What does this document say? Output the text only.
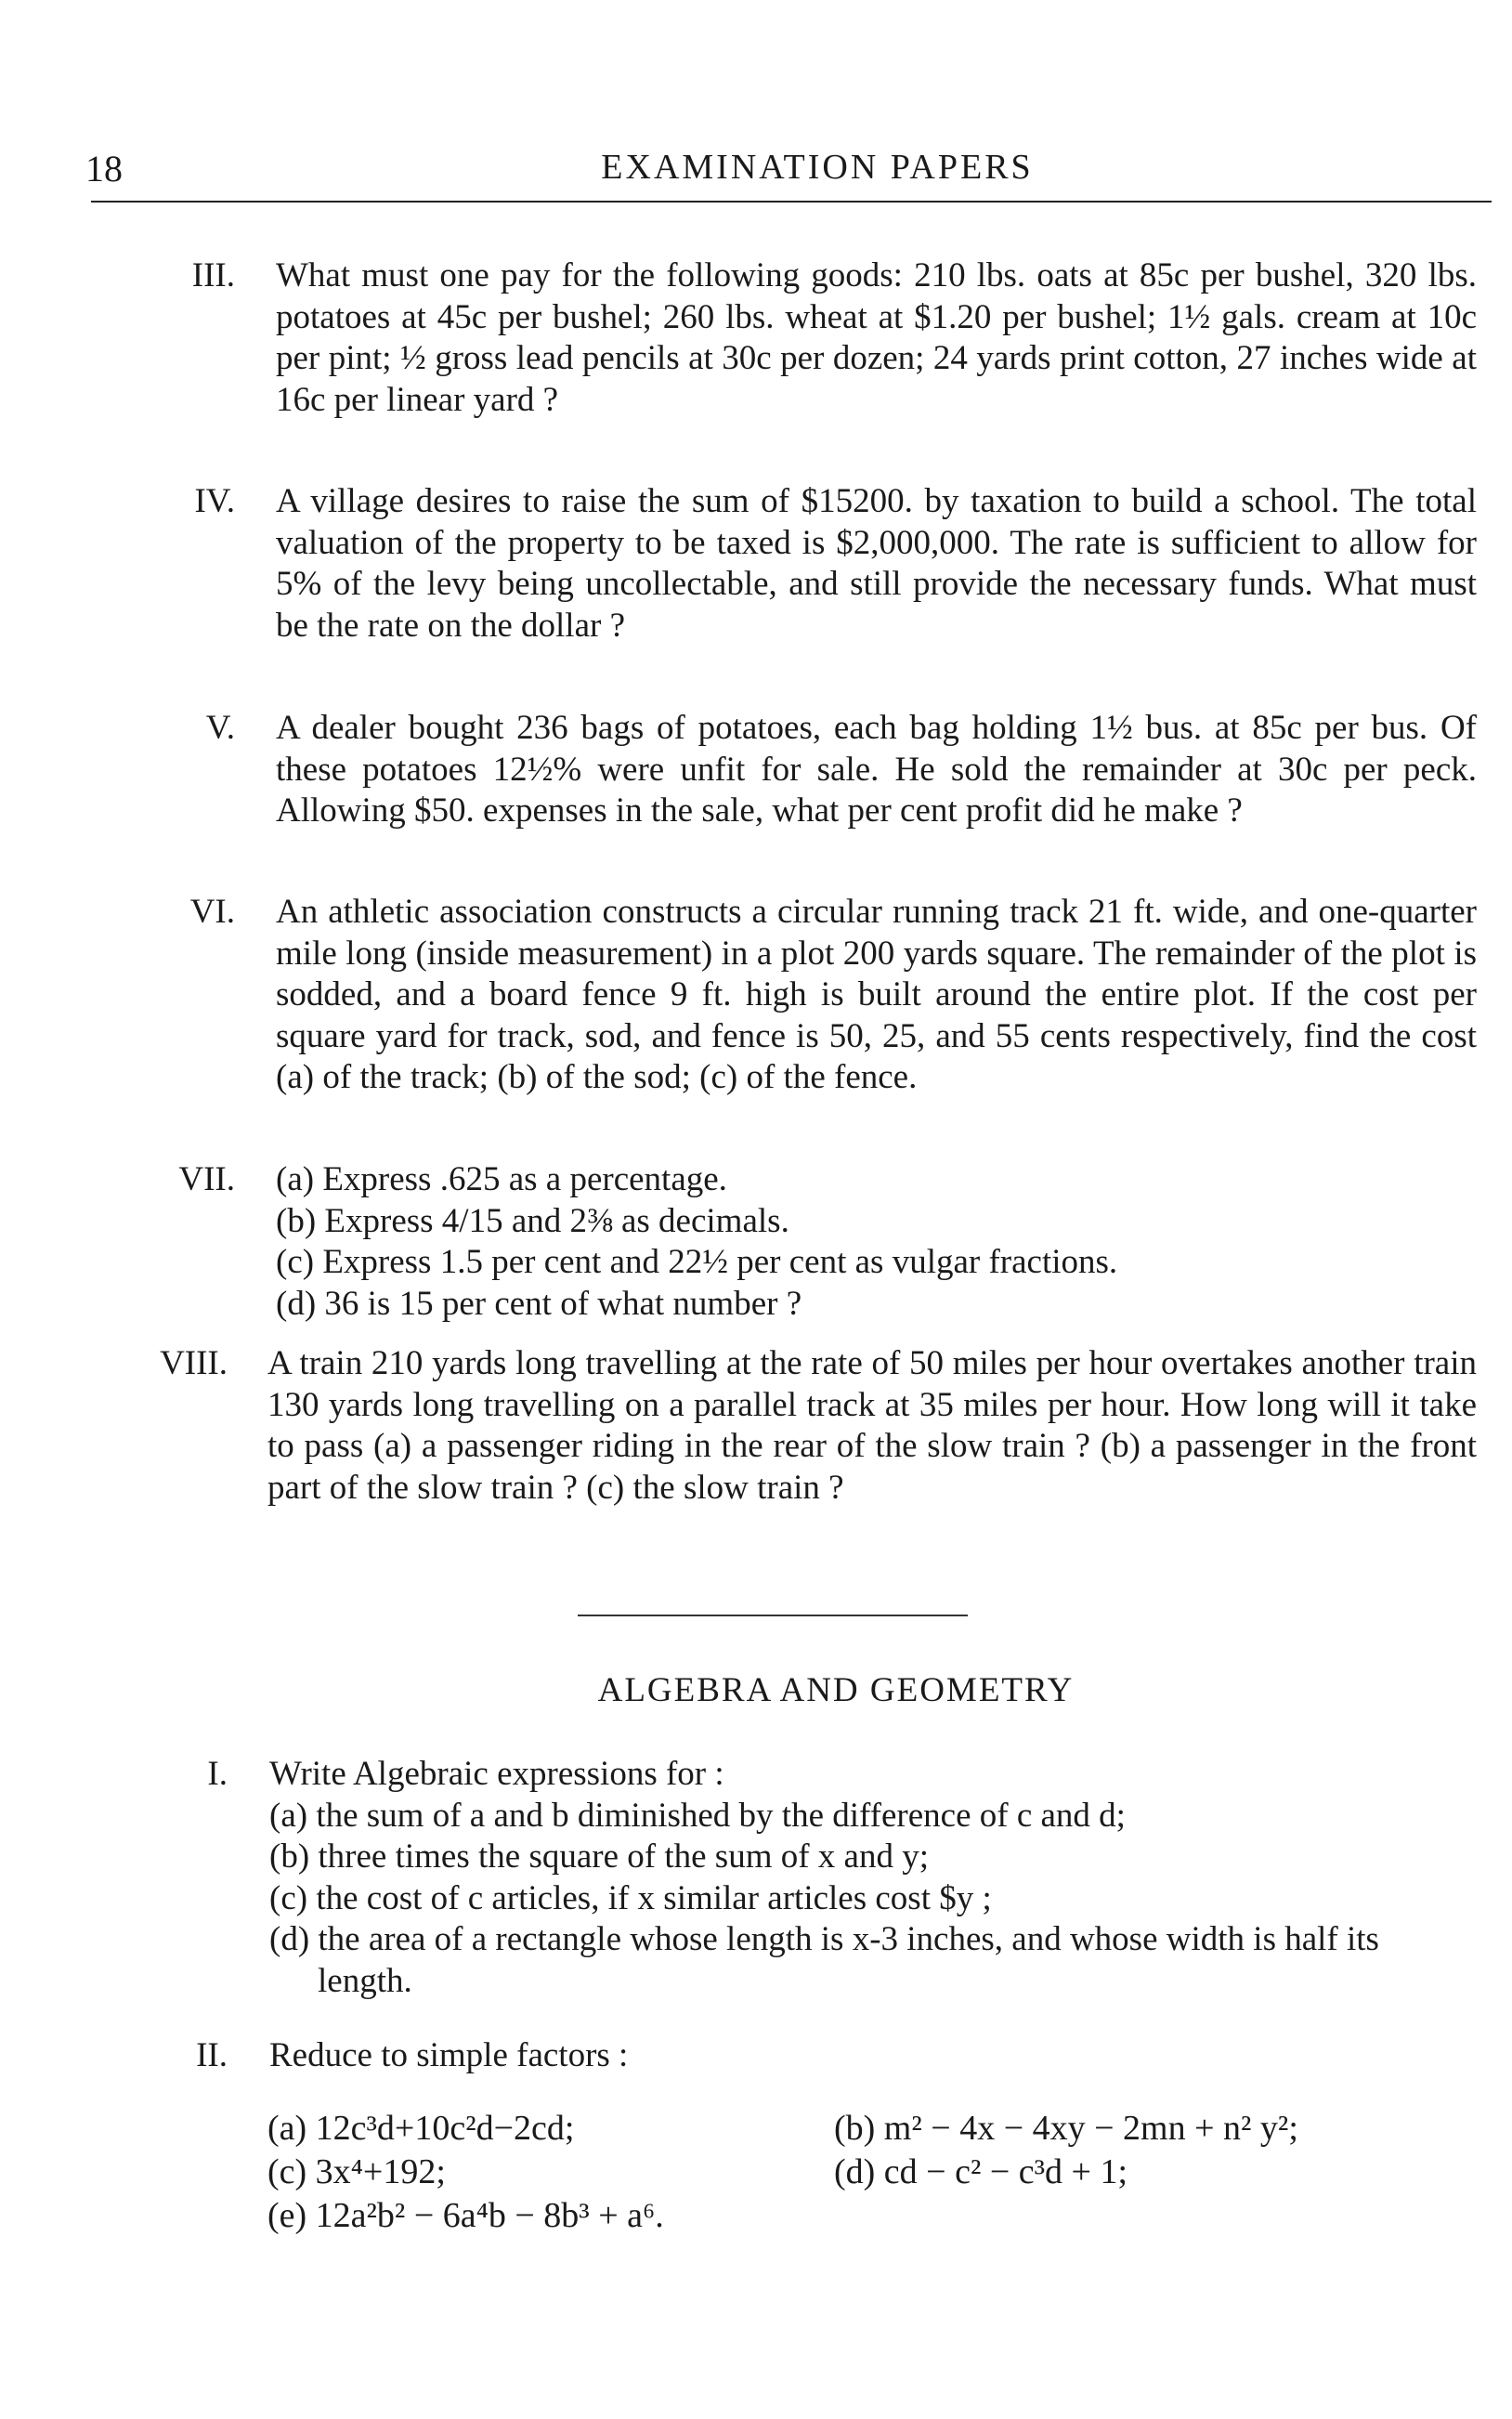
18	EXAMINATION PAPERS
III. What must one pay for the following goods: 210 lbs. oats at 85c per bushel, 320 lbs. potatoes at 45c per bushel; 260 lbs. wheat at $1.20 per bushel; 1½ gals. cream at 10c per pint; ½ gross lead pencils at 30c per dozen; 24 yards print cotton, 27 inches wide at 16c per linear yard ?
IV. A village desires to raise the sum of $15200. by taxation to build a school. The total valuation of the property to be taxed is $2,000,000. The rate is sufficient to allow for 5% of the levy being uncollectable, and still provide the necessary funds. What must be the rate on the dollar ?
V. A dealer bought 236 bags of potatoes, each bag holding 1½ bus. at 85c per bus. Of these potatoes 12½% were unfit for sale. He sold the remainder at 30c per peck. Allowing $50. expenses in the sale, what per cent profit did he make ?
VI. An athletic association constructs a circular running track 21 ft. wide, and one-quarter mile long (inside measurement) in a plot 200 yards square. The remainder of the plot is sodded, and a board fence 9 ft. high is built around the entire plot. If the cost per square yard for track, sod, and fence is 50, 25, and 55 cents respectively, find the cost (a) of the track; (b) of the sod; (c) of the fence.
VII. (a) Express .625 as a percentage.
(b) Express 4/15 and 2⅜ as decimals.
(c) Express 1.5 per cent and 22½ per cent as vulgar fractions.
(d) 36 is 15 per cent of what number ?
VIII. A train 210 yards long travelling at the rate of 50 miles per hour overtakes another train 130 yards long travelling on a parallel track at 35 miles per hour. How long will it take to pass (a) a passenger riding in the rear of the slow train ? (b) a passenger in the front part of the slow train ? (c) the slow train ?
ALGEBRA AND GEOMETRY
I. Write Algebraic expressions for :
(a) the sum of a and b diminished by the difference of c and d;
(b) three times the square of the sum of x and y;
(c) the cost of c articles, if x similar articles cost $y ;
(d) the area of a rectangle whose length is x-3 inches, and whose width is half its length.
II. Reduce to simple factors :
(a) 12c³d+10c²d−2cd;	(b) m² − 4x − 4xy − 2mn + n² y²;
(c) 3x⁴+192;	(d) cd − c² − c³d + 1;
(e) 12a²b² − 6a⁴b − 8b³ + a⁶.
